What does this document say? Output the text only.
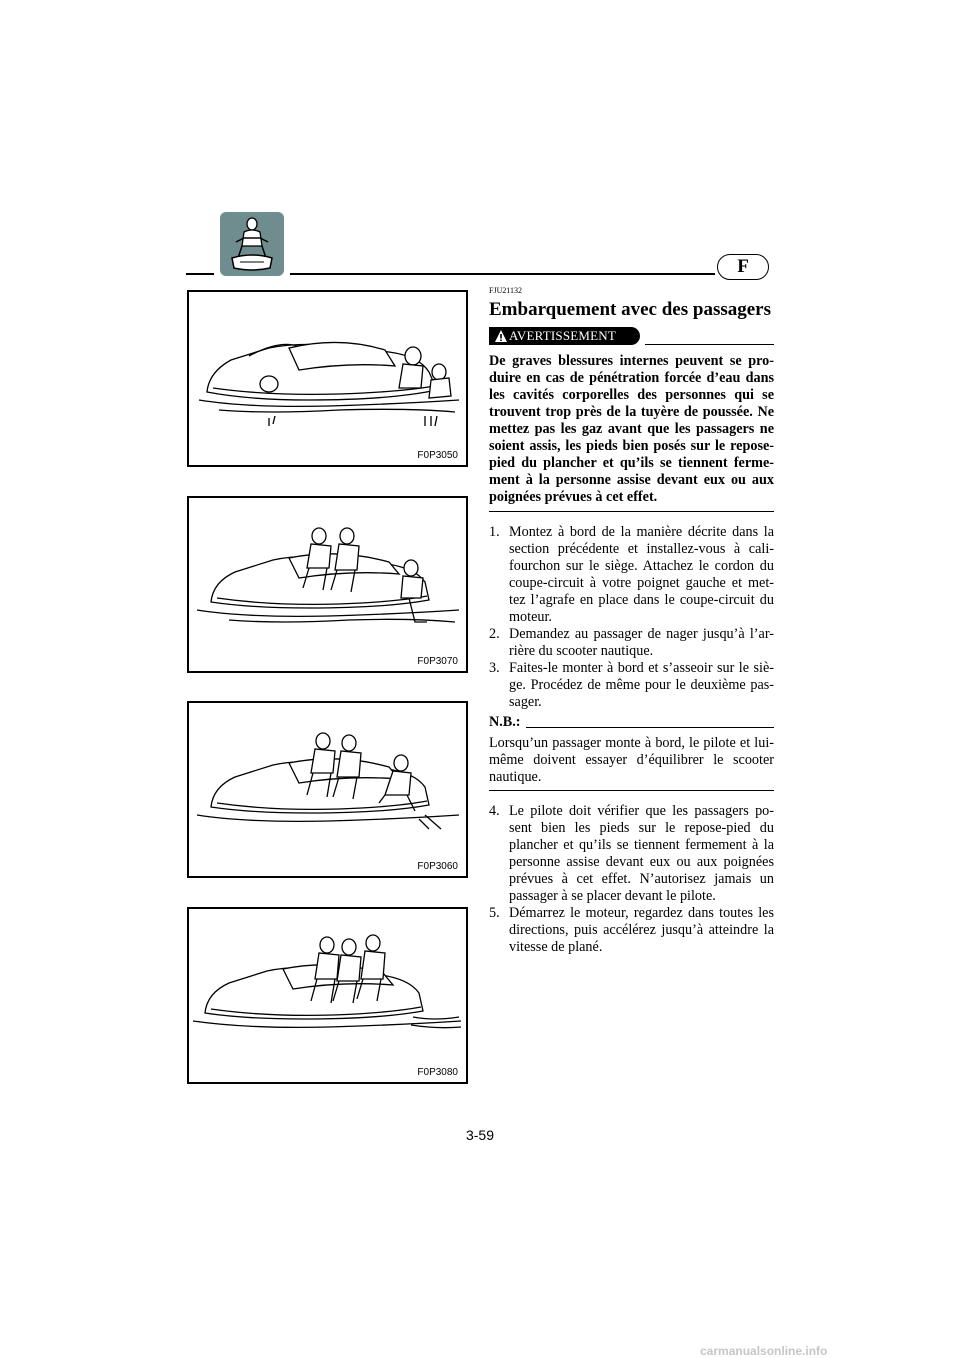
F
F0P3050
F0P3070
F0P3060
F0P3080
FJU21132
Embarquement avec des passagers
AVERTISSEMENT

De graves blessures internes peuvent se pro-duire en cas de pénétration forcée d’eau dans les cavités corporelles des personnes qui se trouvent trop près de la tuyère de poussée. Ne mettez pas les gaz avant que les passagers ne soient assis, les pieds bien posés sur le repose-pied du plancher et qu’ils se tiennent ferme-ment à la personne assise devant eux ou aux poignées prévues à cet effet.

1. Montez à bord de la manière décrite dans la section précédente et installez-vous à cali-fourchon sur le siège. Attachez le cordon du coupe-circuit à votre poignet gauche et met-tez l’agrafe en place dans le coupe-circuit du moteur.
2. Demandez au passager de nager jusqu’à l’ar-rière du scooter nautique.
3. Faites-le monter à bord et s’asseoir sur le siè-ge. Procédez de même pour le deuxième pas-sager.
N.B.:

Lorsqu’un passager monte à bord, le pilote et lui-même doivent essayer d’équilibrer le scooter nautique.

4. Le pilote doit vérifier que les passagers po-sent bien les pieds sur le repose-pied du plancher et qu’ils se tiennent fermement à la personne assise devant eux ou aux poignées prévues à cet effet. N’autorisez jamais un passager à se placer devant le pilote.
5. Démarrez le moteur, regardez dans toutes les directions, puis accélérez jusqu’à atteindre la vitesse de plané.
3-59
carmanualsonline.info
